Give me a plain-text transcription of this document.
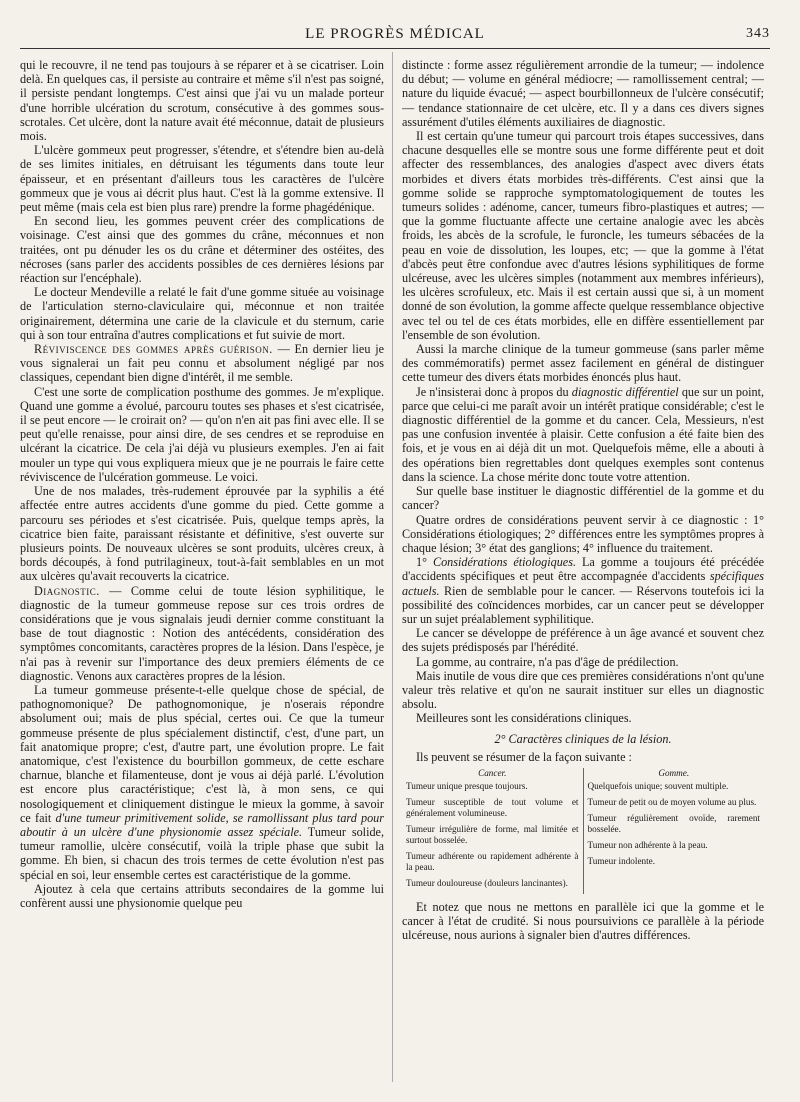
LE PROGRÈS MÉDICAL	343

qui le recouvre, il ne tend pas toujours à se réparer et à se cicatriser. Loin delà. En quelques cas, il persiste au contraire et même s'il n'est pas soigné, il persiste pendant longtemps. C'est ainsi que j'ai vu un malade porteur d'une horrible ulcération du scrotum, consécutive à des gommes sous-scrotales. Cet ulcère, dont la nature avait été méconnue, datait de plusieurs mois.

L'ulcère gommeux peut progresser, s'étendre, et s'étendre bien au-delà de ses limites initiales, en détruisant les téguments dans toute leur épaisseur, et en présentant d'ailleurs tous les caractères de l'ulcère gommeux que je vous ai décrit plus haut. C'est là la gomme extensive. Il peut même (mais cela est bien plus rare) prendre la forme phagédénique.

En second lieu, les gommes peuvent créer des complications de voisinage. C'est ainsi que des gommes du crâne, méconnues et non traitées, ont pu dénuder les os du crâne et déterminer des ostéites, des nécroses (sans parler des accidents possibles de ces dernières lésions par réaction sur l'encéphale).

Le docteur Mendeville a relaté le fait d'une gomme située au voisinage de l'articulation sterno-claviculaire qui, méconnue et non traitée originairement, détermina une carie de la clavicule et du sternum, carie qui à son tour entraîna d'autres complications et fut suivie de mort.

Réviviscence des gommes après guérison. — En dernier lieu je vous signalerai un fait peu connu et absolument négligé par nos classiques, cependant bien digne d'intérêt, il me semble.

C'est une sorte de complication posthume des gommes. Je m'explique. Quand une gomme a évolué, parcouru toutes ses phases et s'est cicatrisée, il se peut encore — le croirait on? — qu'on n'en ait pas fini avec elle. Il se peut qu'elle renaisse, pour ainsi dire, de ses cendres et se reproduise en ulcérant la cicatrice. De cela j'ai déjà vu plusieurs exemples. J'en ai fait mouler un type qui vous expliquera mieux que je ne pourrais le faire cette réviviscence de l'ulcération gommeuse. Le voici.

Une de nos malades, très-rudement éprouvée par la syphilis a été affectée entre autres accidents d'une gomme du pied. Cette gomme a parcouru ses périodes et s'est cicatrisée. Puis, quelque temps après, la cicatrice bien faite, paraissant résistante et définitive, s'est ouverte sur plusieurs points. De nouveaux ulcères se sont produits, ulcères creux, à bords découpés, à fond putrilagineux, tout-à-fait semblables en un mot aux ulcères qu'avait recouverts la cicatrice.

Diagnostic. — Comme celui de toute lésion syphilitique, le diagnostic de la tumeur gommeuse repose sur ces trois ordres de considérations que je vous signalais jeudi dernier comme constituant la base de tout diagnostic : Notion des antécédents, considération des symptômes concomitants, caractères propres de la lésion. Dans l'espèce, je n'ai pas à revenir sur l'importance des deux premiers éléments de ce diagnostic. Venons aux caractères propres de la lésion.

La tumeur gommeuse présente-t-elle quelque chose de spécial, de pathognomonique? De pathognomonique, je n'oserais répondre absolument oui; mais de plus spécial, certes oui. Ce que la tumeur gommeuse présente de plus spécialement distinctif, c'est, d'une part, un fait anatomique propre; c'est, d'autre part, une évolution propre. Le fait anatomique, c'est l'existence du bourbillon gommeux, de cette eschare charnue, blanche et filamenteuse, dont je vous ai déjà parlé. L'évolution est encore plus caractéristique; c'est là, à mon sens, ce qui nosologiquement et cliniquement distingue le mieux la gomme, à savoir ce fait d'une tumeur primitivement solide, se ramollissant plus tard pour aboutir à un ulcère d'une physionomie assez spéciale. Tumeur solide, tumeur ramollie, ulcère consécutif, voilà la triple phase que subit la gomme. Eh bien, si chacun des trois termes de cette évolution n'est pas spécial en soi, leur ensemble certes est caractéristique de la gomme.

Ajoutez à cela que certains attributs secondaires de la gomme lui confèrent aussi une physionomie quelque peu

distincte : forme assez régulièrement arrondie de la tumeur; — indolence du début; — volume en général médiocre; — ramollissement central; — nature du liquide évacué; — aspect bourbillonneux de l'ulcère consécutif; — tendance stationnaire de cet ulcère, etc. Il y a dans ces divers signes assurément d'utiles éléments auxiliaires de diagnostic.

Il est certain qu'une tumeur qui parcourt trois étapes successives, dans chacune desquelles elle se montre sous une forme différente peut et doit affecter des ressemblances, des analogies d'aspect avec divers états morbides et divers états morbides très-différents. C'est ainsi que la gomme solide se rapproche symptomatologiquement de toutes les tumeurs solides : adénome, cancer, tumeurs fibro-plastiques et autres; — que la gomme fluctuante affecte une certaine analogie avec les abcès froids, les abcès de la scrofule, le furoncle, les tumeurs sébacées de la peau en voie de dissolution, les loupes, etc; — que la gomme à l'état d'abcès peut être confondue avec d'autres lésions syphilitiques de forme ulcéreuse, avec les ulcères simples (notamment aux membres inférieurs), les ulcères scrofuleux, etc. Mais il est certain aussi que si, à un moment donné de son évolution, la gomme affecte quelque ressemblance objective avec tel ou tel de ces états morbides, elle en diffère essentiellement par l'ensemble de son évolution.

Aussi la marche clinique de la tumeur gommeuse (sans parler même des commémoratifs) permet assez facilement en général de distinguer cette tumeur des divers états morbides énoncés plus haut.

Je n'insisterai donc à propos du diagnostic différentiel que sur un point, parce que celui-ci me paraît avoir un intérêt pratique considérable; c'est le diagnostic différentiel de la gomme et du cancer. Cela, Messieurs, n'est pas une confusion inventée à plaisir. Cette confusion a été faite bien des fois, et je vous en ai déjà dit un mot. Quelquefois même, elle a abouti à des opérations bien regrettables dont quelques exemples sont contenus dans la science. La chose mérite donc toute votre attention.

Sur quelle base instituer le diagnostic différentiel de la gomme et du cancer?

Quatre ordres de considérations peuvent servir à ce diagnostic : 1° Considérations étiologiques; 2° différences entre les symptômes propres à chaque lésion; 3° état des ganglions; 4° influence du traitement.

1° Considérations étiologiques. La gomme a toujours été précédée d'accidents spécifiques et peut être accompagnée d'accidents spécifiques actuels. Rien de semblable pour le cancer. — Réservons toutefois ici la possibilité des coïncidences morbides, car un cancer peut se développer sur un sujet préalablement syphilitique.

Le cancer se développe de préférence à un âge avancé et souvent chez des sujets prédisposés par l'hérédité.

La gomme, au contraire, n'a pas d'âge de prédilection.

Mais inutile de vous dire que ces premières considérations n'ont qu'une valeur très relative et qu'on ne saurait instituer sur elles un diagnostic absolu.

Meilleures sont les considérations cliniques.

2° Caractères cliniques de la lésion.

Ils peuvent se résumer de la façon suivante :

Cancer.
Tumeur unique presque toujours.
Tumeur susceptible de tout volume et généralement volumineuse.
Tumeur irrégulière de forme, mal limitée et surtout bosselée.
Tumeur adhérente ou rapidement adhérente à la peau.
Tumeur douloureuse (douleurs lancinantes).
Gomme.
Quelquefois unique; souvent multiple.
Tumeur de petit ou de moyen volume au plus.
Tumeur régulièrement ovoïde, rarement bosselée.
Tumeur non adhérente à la peau.
Tumeur indolente.

Et notez que nous ne mettons en parallèle ici que la gomme et le cancer à l'état de crudité. Si nous poursuivions ce parallèle à la période ulcéreuse, nous aurions à signaler bien d'autres différences.
